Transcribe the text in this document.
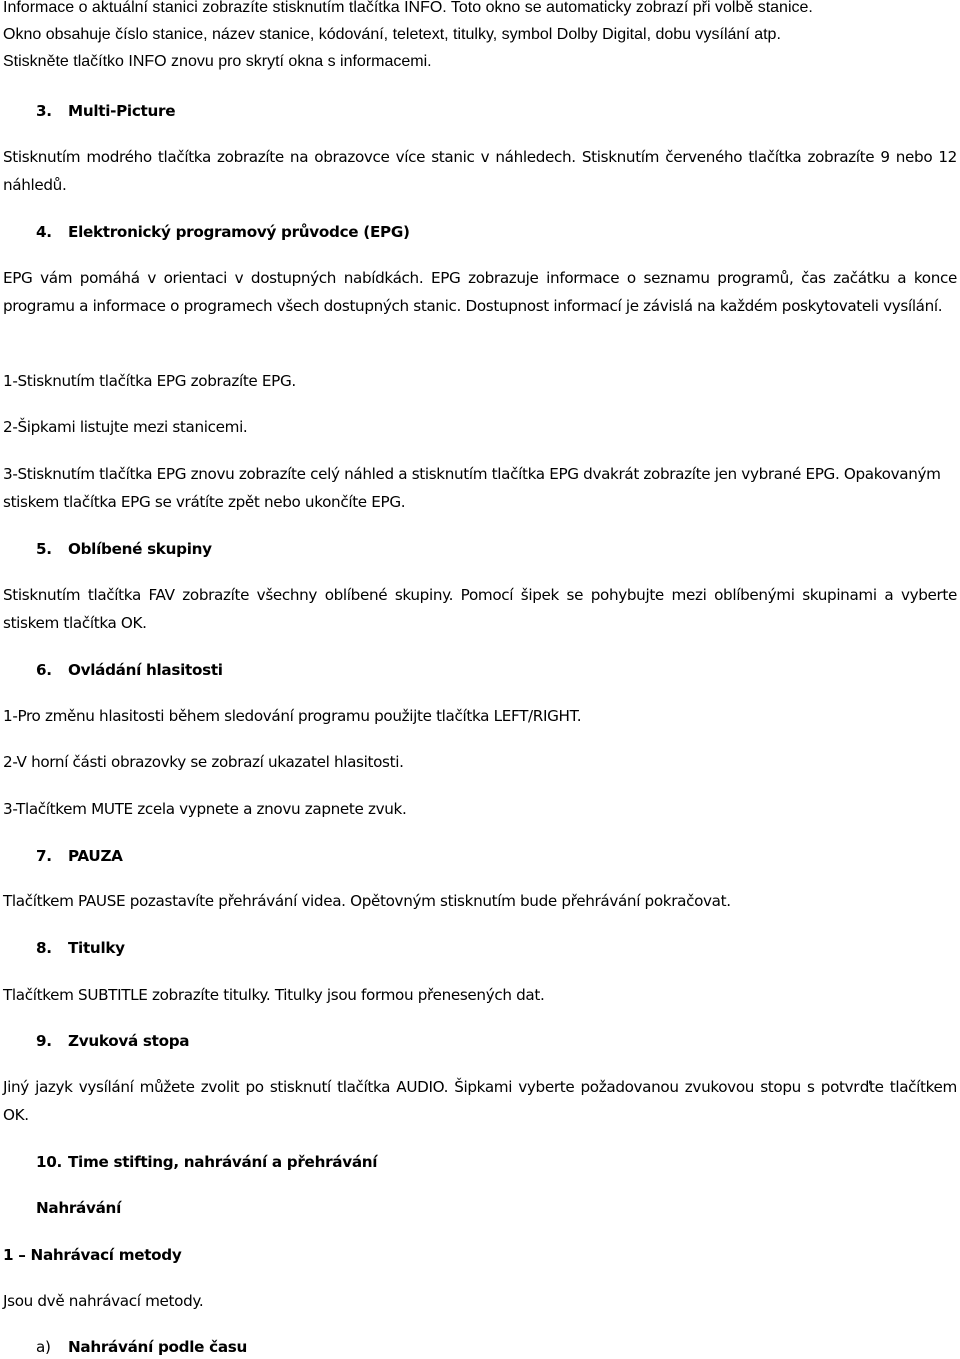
Informace o aktuální stanici zobrazíte stisknutím tlačítka INFO. Toto okno se automaticky zobrazí při volbě stanice.
Okno obsahuje číslo stanice, název stanice, kódování, teletext, titulky, symbol Dolby Digital, dobu vysílání atp.
Stiskněte tlačítko INFO znovu pro skrytí okna s informacemi.
3. Multi-Picture

Stisknutím modrého tlačítka zobrazíte na obrazovce více stanic v náhledech. Stisknutím červeného tlačítka zobrazíte 9 nebo 12 náhledů.

4. Elektronický programový průvodce (EPG)

EPG vám pomáhá v orientaci v dostupných nabídkách. EPG zobrazuje informace o seznamu programů, čas začátku a konce programu a informace o programech všech dostupných stanic. Dostupnost informací je závislá na každém poskytovateli vysílání.

1-Stisknutím tlačítka EPG zobrazíte EPG.

2-Šipkami listujte mezi stanicemi.

3-Stisknutím tlačítka EPG znovu zobrazíte celý náhled a stisknutím tlačítka EPG dvakrát zobrazíte jen vybrané EPG. Opakovaným stiskem tlačítka EPG se vrátíte zpět nebo ukončíte EPG.

5. Oblíbené skupiny

Stisknutím tlačítka FAV zobrazíte všechny oblíbené skupiny. Pomocí šipek se pohybujte mezi oblíbenými skupinami a vyberte stiskem tlačítka OK.

6. Ovládání hlasitosti

1-Pro změnu hlasitosti během sledování programu použijte tlačítka LEFT/RIGHT.

2-V horní části obrazovky se zobrazí ukazatel hlasitosti.

3-Tlačítkem MUTE zcela vypnete a znovu zapnete zvuk.

7. PAUZA

Tlačítkem PAUSE pozastavíte přehrávání videa. Opětovným stisknutím bude přehrávání pokračovat.

8. Titulky

Tlačítkem SUBTITLE zobrazíte titulky. Titulky jsou formou přenesených dat.

9. Zvuková stopa

Jiný jazyk vysílání můžete zvolit po stisknutí tlačítka AUDIO. Šipkami vyberte požadovanou zvukovou stopu s potvrďte tlačítkem OK.

10. Time stifting, nahrávání a přehrávání
Nahrávání
1 – Nahrávací metody

Jsou dvě nahrávací metody.

a) Nahrávání podle času
